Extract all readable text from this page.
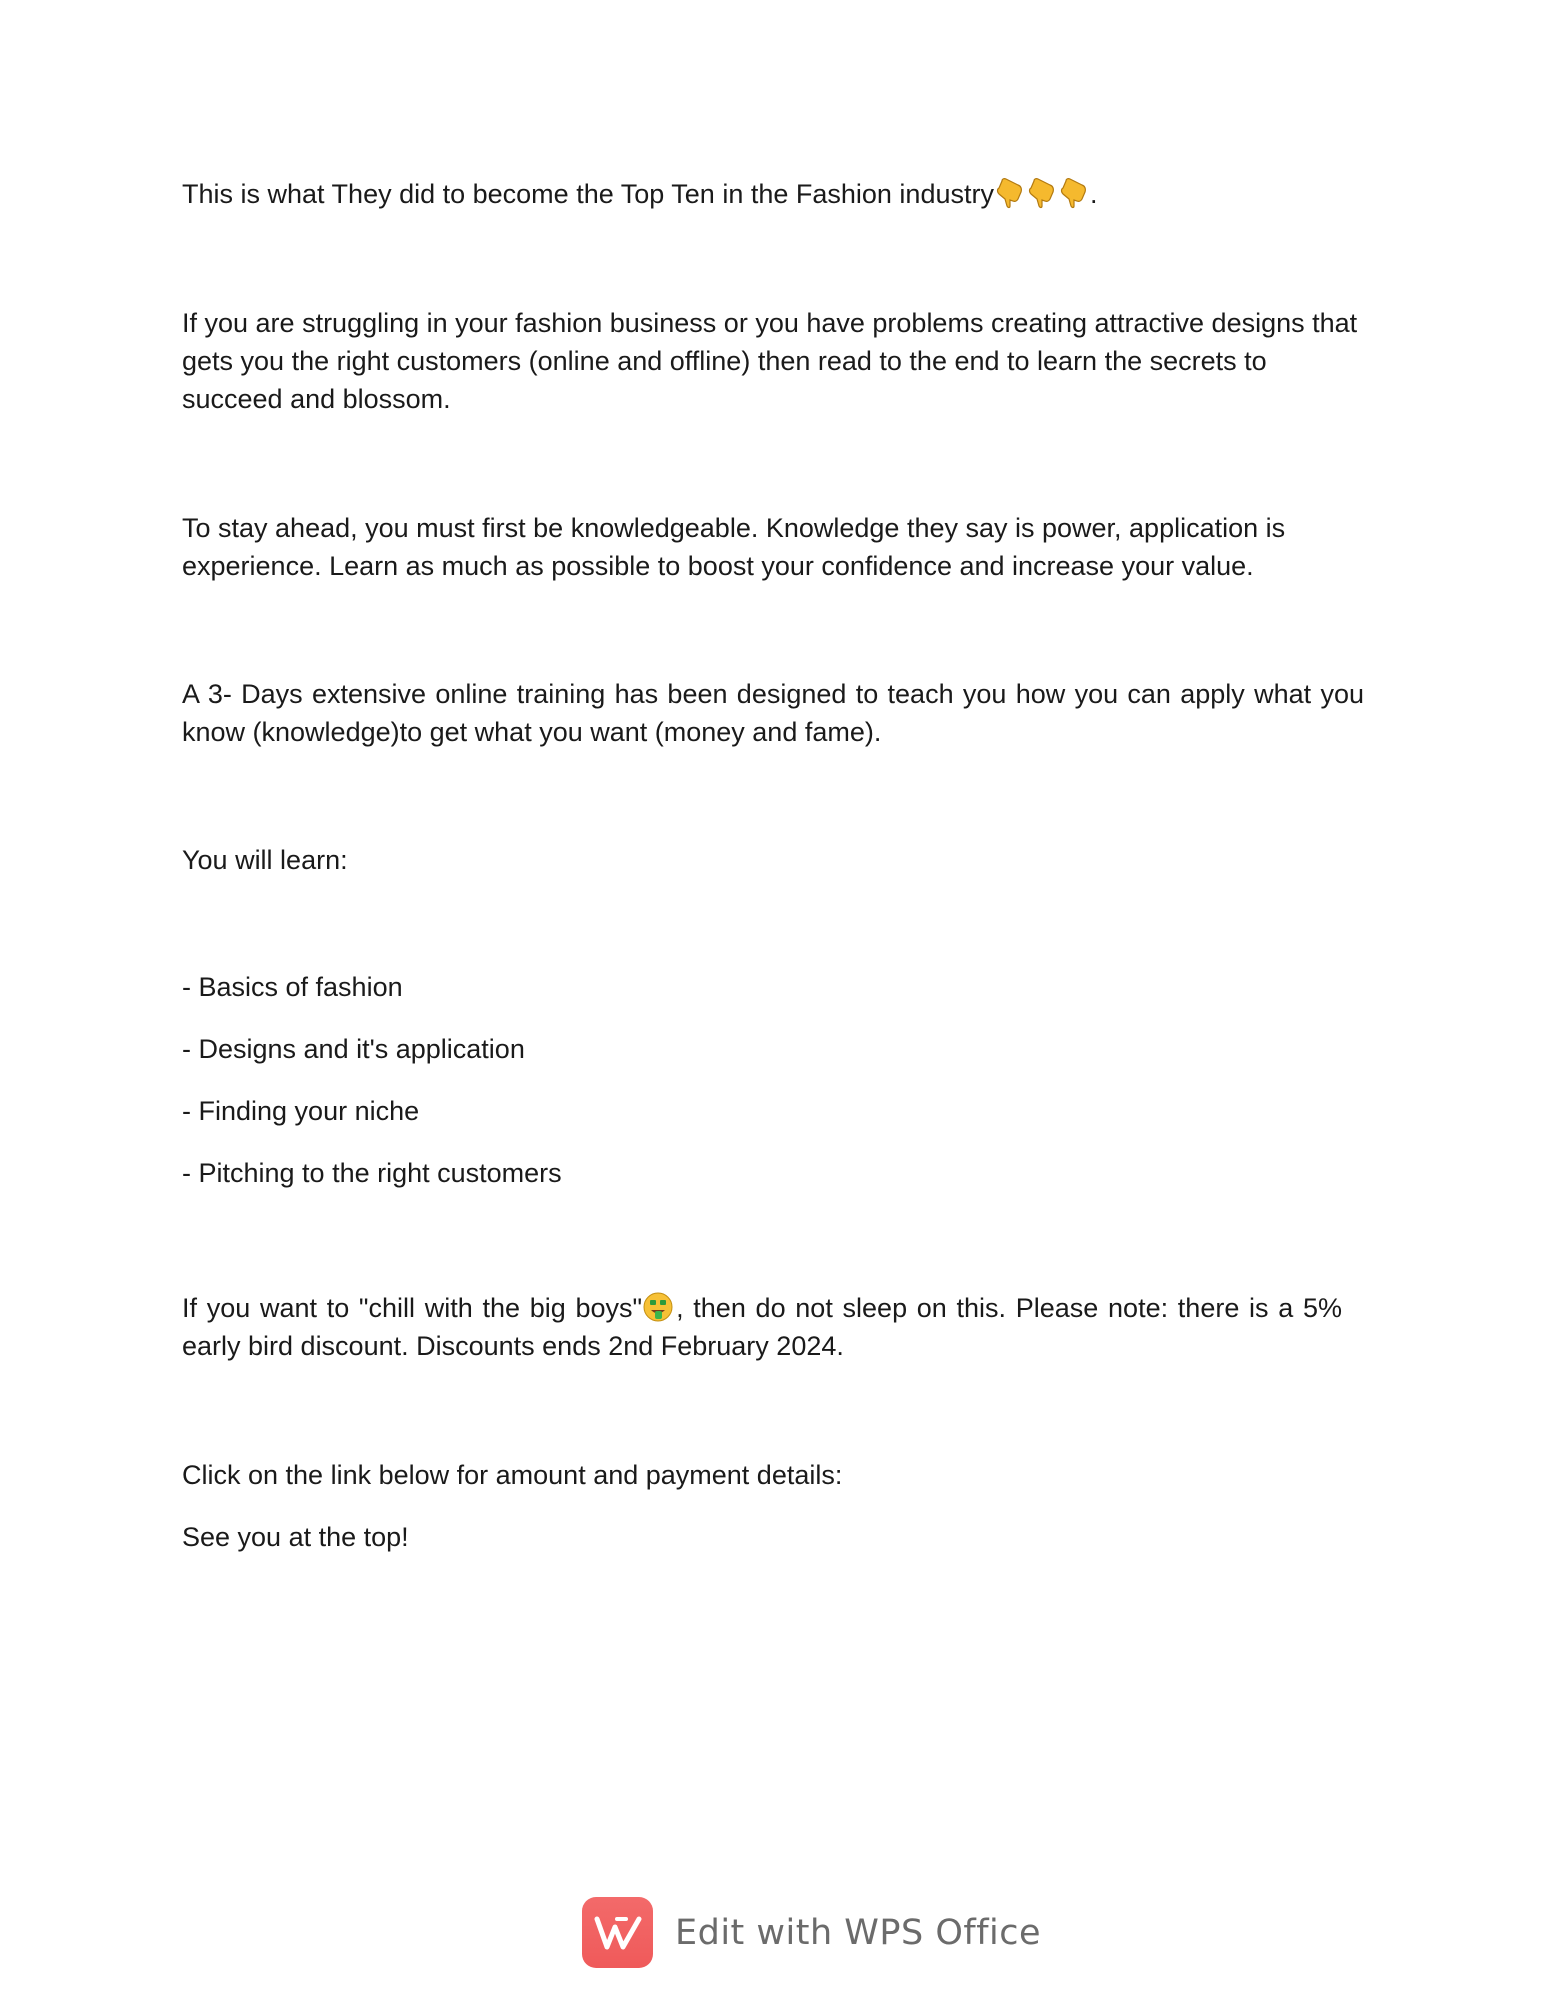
This is what They did to become the Top Ten in the Fashion industry	.

If you are struggling in your fashion business or you have problems creating attractive designs that gets you the right customers (online and offline) then read to the end to learn the secrets to succeed and blossom.

To stay ahead, you must first be knowledgeable. Knowledge they say is power, application is experience. Learn as much as possible to boost your confidence and increase your value.

A 3- Days extensive online training has been designed to teach you how you can apply what you know (knowledge)to get what you want (money and fame).

You will learn:

- Basics of fashion

- Designs and it's application

- Finding your niche

- Pitching to the right customers

If you want to "chill with the big boys" , then do not sleep on this. Please note: there is a 5% early bird discount. Discounts ends 2nd February 2024.

Click on the link below for amount and payment details:

See you at the top!

Edit with WPS Office
